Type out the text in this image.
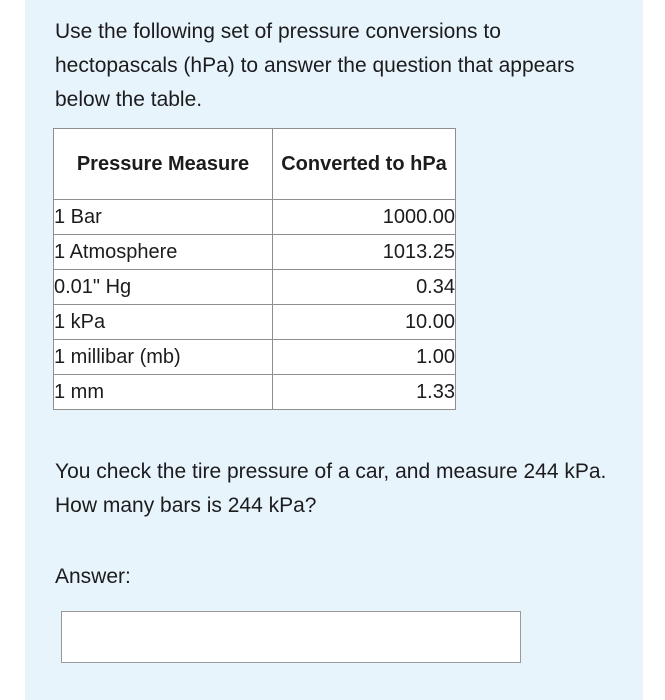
Use the following set of pressure conversions to hectopascals (hPa) to answer the question that appears below the table.

Pressure Measure	Converted to hPa
1 Bar	1000.00
1 Atmosphere	1013.25
0.01" Hg	0.34
1 kPa	10.00
1 millibar (mb)	1.00
1 mm	1.33

You check the tire pressure of a car, and measure 244 kPa. How many bars is 244 kPa?

Answer:
